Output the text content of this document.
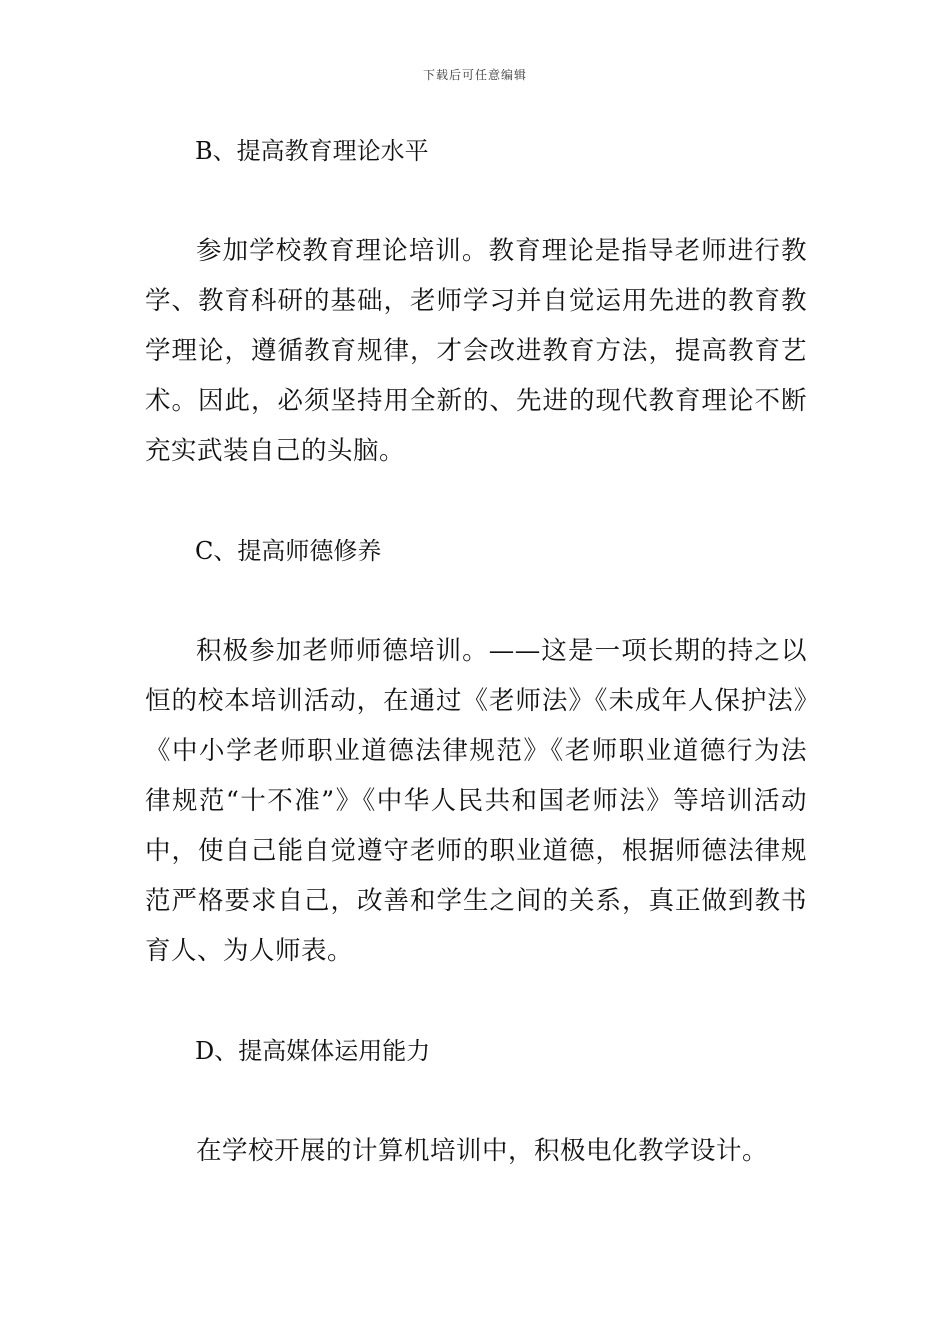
下载后可任意编辑
B、提高教育理论水平

参加学校教育理论培训。教育理论是指导老师进行教学、教育科研的基础，老师学习并自觉运用先进的教育教学理论，遵循教育规律，才会改进教育方法，提高教育艺术。因此，必须坚持用全新的、先进的现代教育理论不断充实武装自己的头脑。

C、提高师德修养

积极参加老师师德培训。——这是一项长期的持之以恒的校本培训活动，在通过《老师法》《未成年人保护法》《中小学老师职业道德法律规范》《老师职业道德行为法律规范“十不准”》《中华人民共和国老师法》等培训活动中，使自己能自觉遵守老师的职业道德，根据师德法律规范严格要求自己，改善和学生之间的关系，真正做到教书育人、为人师表。

D、提高媒体运用能力

在学校开展的计算机培训中，积极电化教学设计。
